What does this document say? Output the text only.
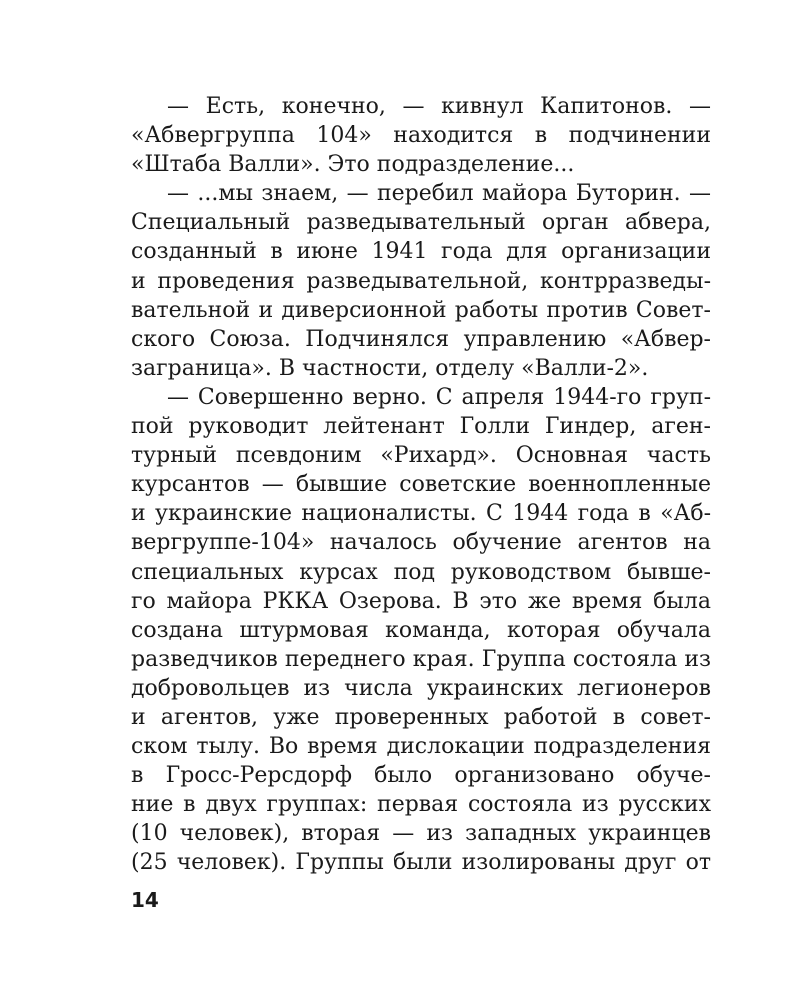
— Есть, конечно, — кивнул Капитонов. —
«Абвергруппа 104» находится в подчинении
«Штаба Валли». Это подразделение...
— ...мы знаем, — перебил майора Буторин. —
Специальный разведывательный орган абвера,
созданный в июне 1941 года для организации
и проведения разведывательной, контрразведы-
вательной и диверсионной работы против Совет-
ского Союза. Подчинялся управлению «Абвер-
заграница». В частности, отделу «Валли-2».
— Совершенно верно. С апреля 1944-го груп-
пой руководит лейтенант Голли Гиндер, аген-
турный псевдоним «Рихард». Основная часть
курсантов — бывшие советские военнопленные
и украинские националисты. С 1944 года в «Аб-
вергруппе-104» началось обучение агентов на
специальных курсах под руководством бывше-
го майора РККА Озерова. В это же время была
создана штурмовая команда, которая обучала
разведчиков переднего края. Группа состояла из
добровольцев из числа украинских легионеров
и агентов, уже проверенных работой в совет-
ском тылу. Во время дислокации подразделения
в Гросс-Рерсдорф было организовано обуче-
ние в двух группах: первая состояла из русских
(10 человек), вторая — из западных украинцев
(25 человек). Группы были изолированы друг от
14
